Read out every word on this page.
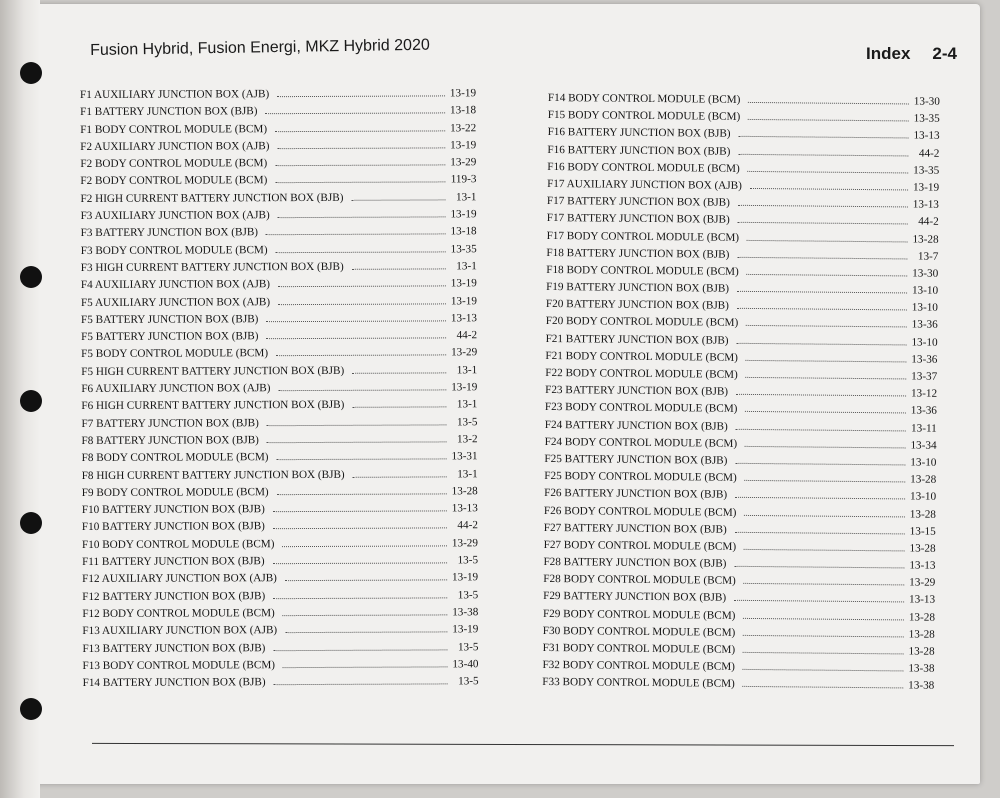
Fusion Hybrid, Fusion Energi, MKZ Hybrid 2020	Index 2-4
F1 AUXILIARY JUNCTION BOX (AJB)	13-19
F1 BATTERY JUNCTION BOX (BJB)	13-18
F1 BODY CONTROL MODULE (BCM)	13-22
F2 AUXILIARY JUNCTION BOX (AJB)	13-19
F2 BODY CONTROL MODULE (BCM)	13-29
F2 BODY CONTROL MODULE (BCM)	119-3
F2 HIGH CURRENT BATTERY JUNCTION BOX (BJB)	13-1
F3 AUXILIARY JUNCTION BOX (AJB)	13-19
F3 BATTERY JUNCTION BOX (BJB)	13-18
F3 BODY CONTROL MODULE (BCM)	13-35
F3 HIGH CURRENT BATTERY JUNCTION BOX (BJB)	13-1
F4 AUXILIARY JUNCTION BOX (AJB)	13-19
F5 AUXILIARY JUNCTION BOX (AJB)	13-19
F5 BATTERY JUNCTION BOX (BJB)	13-13
F5 BATTERY JUNCTION BOX (BJB)	44-2
F5 BODY CONTROL MODULE (BCM)	13-29
F5 HIGH CURRENT BATTERY JUNCTION BOX (BJB)	13-1
F6 AUXILIARY JUNCTION BOX (AJB)	13-19
F6 HIGH CURRENT BATTERY JUNCTION BOX (BJB)	13-1
F7 BATTERY JUNCTION BOX (BJB)	13-5
F8 BATTERY JUNCTION BOX (BJB)	13-2
F8 BODY CONTROL MODULE (BCM)	13-31
F8 HIGH CURRENT BATTERY JUNCTION BOX (BJB)	13-1
F9 BODY CONTROL MODULE (BCM)	13-28
F10 BATTERY JUNCTION BOX (BJB)	13-13
F10 BATTERY JUNCTION BOX (BJB)	44-2
F10 BODY CONTROL MODULE (BCM)	13-29
F11 BATTERY JUNCTION BOX (BJB)	13-5
F12 AUXILIARY JUNCTION BOX (AJB)	13-19
F12 BATTERY JUNCTION BOX (BJB)	13-5
F12 BODY CONTROL MODULE (BCM)	13-38
F13 AUXILIARY JUNCTION BOX (AJB)	13-19
F13 BATTERY JUNCTION BOX (BJB)	13-5
F13 BODY CONTROL MODULE (BCM)	13-40
F14 BATTERY JUNCTION BOX (BJB)	13-5
F14 BODY CONTROL MODULE (BCM)	13-30
F15 BODY CONTROL MODULE (BCM)	13-35
F16 BATTERY JUNCTION BOX (BJB)	13-13
F16 BATTERY JUNCTION BOX (BJB)	44-2
F16 BODY CONTROL MODULE (BCM)	13-35
F17 AUXILIARY JUNCTION BOX (AJB)	13-19
F17 BATTERY JUNCTION BOX (BJB)	13-13
F17 BATTERY JUNCTION BOX (BJB)	44-2
F17 BODY CONTROL MODULE (BCM)	13-28
F18 BATTERY JUNCTION BOX (BJB)	13-7
F18 BODY CONTROL MODULE (BCM)	13-30
F19 BATTERY JUNCTION BOX (BJB)	13-10
F20 BATTERY JUNCTION BOX (BJB)	13-10
F20 BODY CONTROL MODULE (BCM)	13-36
F21 BATTERY JUNCTION BOX (BJB)	13-10
F21 BODY CONTROL MODULE (BCM)	13-36
F22 BODY CONTROL MODULE (BCM)	13-37
F23 BATTERY JUNCTION BOX (BJB)	13-12
F23 BODY CONTROL MODULE (BCM)	13-36
F24 BATTERY JUNCTION BOX (BJB)	13-11
F24 BODY CONTROL MODULE (BCM)	13-34
F25 BATTERY JUNCTION BOX (BJB)	13-10
F25 BODY CONTROL MODULE (BCM)	13-28
F26 BATTERY JUNCTION BOX (BJB)	13-10
F26 BODY CONTROL MODULE (BCM)	13-28
F27 BATTERY JUNCTION BOX (BJB)	13-15
F27 BODY CONTROL MODULE (BCM)	13-28
F28 BATTERY JUNCTION BOX (BJB)	13-13
F28 BODY CONTROL MODULE (BCM)	13-29
F29 BATTERY JUNCTION BOX (BJB)	13-13
F29 BODY CONTROL MODULE (BCM)	13-28
F30 BODY CONTROL MODULE (BCM)	13-28
F31 BODY CONTROL MODULE (BCM)	13-28
F32 BODY CONTROL MODULE (BCM)	13-38
F33 BODY CONTROL MODULE (BCM)	13-38
